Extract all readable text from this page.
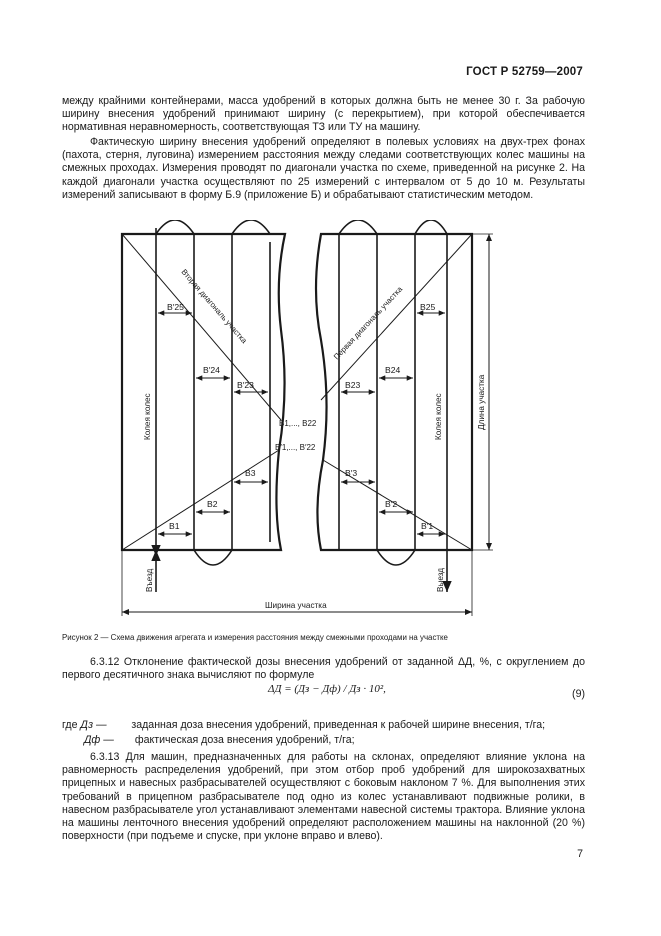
ГОСТ Р 52759—2007
между крайними контейнерами, масса удобрений в которых должна быть не менее 30 г. За рабочую ширину внесения удобрений принимают ширину (с перекрытием), при которой обеспечивается нормативная неравномерность, соответствующая ТЗ или ТУ на машину.
Фактическую ширину внесения удобрений определяют в полевых условиях на двух-трех фонах (пахота, стерня, луговина) измерением расстояния между следами соответствующих колес машины на смежных проходах. Измерения проводят по диагонали участка по схеме, приведенной на рисунке 2. На каждой диагонали участка осуществляют по 25 измерений с интервалом от 5 до 10 м. Результаты измерений записывают в форму Б.9 (приложение Б) и обрабатывают статистическим методом.
Вторая диагональ участка	Первая диагональ участка
Колея колес	Колея колес	Длина участка
Ширина участка
Выезд
Въезд
B′25
B′24
B′23
B25
B24
B23
B1,..., B22
B′1,..., B′22
B3	B′3
B2	B′2
B1	B′1
Рисунок 2 — Схема движения агрегата и измерения расстояния между смежными проходами на участке
6.3.12 Отклонение фактической дозы внесения удобрений от заданной ΔД, %, с округлением до первого десятичного знака вычисляют по формуле
ΔД = (Дз − Дф) / Дз · 10²,	(9)
где Дз — заданная доза внесения удобрений, приведенная к рабочей ширине внесения, т/га;
Дф — фактическая доза внесения удобрений, т/га;
6.3.13 Для машин, предназначенных для работы на склонах, определяют влияние уклона на равномерность распределения удобрений, при этом отбор проб удобрений для широкозахватных прицепных и навесных разбрасывателей осуществляют с боковым наклоном 7 %. Для выполнения этих требований в прицепном разбрасывателе под одно из колес устанавливают подвижные ролики, в навесном разбрасывателе угол устанавливают элементами навесной системы трактора. Влияние уклона на машины ленточного внесения удобрений определяют расположением машины на наклонной (20 %) поверхности (при подъеме и спуске, при уклоне вправо и влево).
7
